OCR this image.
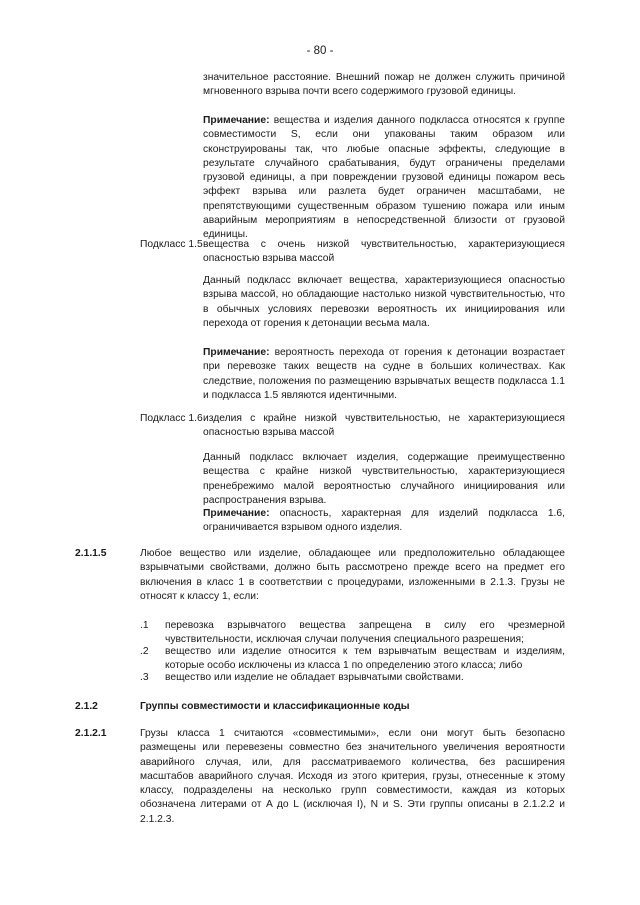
- 80 -
значительное расстояние. Внешний пожар не должен служить причиной мгновенного взрыва почти всего содержимого грузовой единицы.
Примечание: вещества и изделия данного подкласса относятся к группе совместимости S, если они упакованы таким образом или сконструированы так, что любые опасные эффекты, следующие в результате случайного срабатывания, будут ограничены пределами грузовой единицы, а при повреждении грузовой единицы пожаром весь эффект взрыва или разлета будет ограничен масштабами, не препятствующими существенным образом тушению пожара или иным аварийным мероприятиям в непосредственной близости от грузовой единицы.
Подкласс 1.5 вещества с очень низкой чувствительностью, характеризующиеся опасностью взрыва массой
Данный подкласс включает вещества, характеризующиеся опасностью взрыва массой, но обладающие настолько низкой чувствительностью, что в обычных условиях перевозки вероятность их инициирования или перехода от горения к детонации весьма мала.
Примечание: вероятность перехода от горения к детонации возрастает при перевозке таких веществ на судне в больших количествах. Как следствие, положения по размещению взрывчатых веществ подкласса 1.1 и подкласса 1.5 являются идентичными.
Подкласс 1.6 изделия с крайне низкой чувствительностью, не характеризующиеся опасностью взрыва массой
Данный подкласс включает изделия, содержащие преимущественно вещества с крайне низкой чувствительностью, характеризующиеся пренебрежимо малой вероятностью случайного инициирования или распространения взрыва.
Примечание: опасность, характерная для изделий подкласса 1.6, ограничивается взрывом одного изделия.
2.1.1.5	Любое вещество или изделие, обладающее или предположительно обладающее взрывчатыми свойствами, должно быть рассмотрено прежде всего на предмет его включения в класс 1 в соответствии с процедурами, изложенными в 2.1.3. Грузы не относят к классу 1, если:
.1 перевозка взрывчатого вещества запрещена в силу его чрезмерной чувствительности, исключая случаи получения специального разрешения;
.2 вещество или изделие относится к тем взрывчатым веществам и изделиям, которые особо исключены из класса 1 по определению этого класса; либо
.3 вещество или изделие не обладает взрывчатыми свойствами.
2.1.2	Группы совместимости и классификационные коды
2.1.2.1	Грузы класса 1 считаются «совместимыми», если они могут быть безопасно размещены или перевезены совместно без значительного увеличения вероятности аварийного случая, или, для рассматриваемого количества, без расширения масштабов аварийного случая. Исходя из этого критерия, грузы, отнесенные к этому классу, подразделены на несколько групп совместимости, каждая из которых обозначена литерами от A до L (исключая I), N и S. Эти группы описаны в 2.1.2.2 и 2.1.2.3.
